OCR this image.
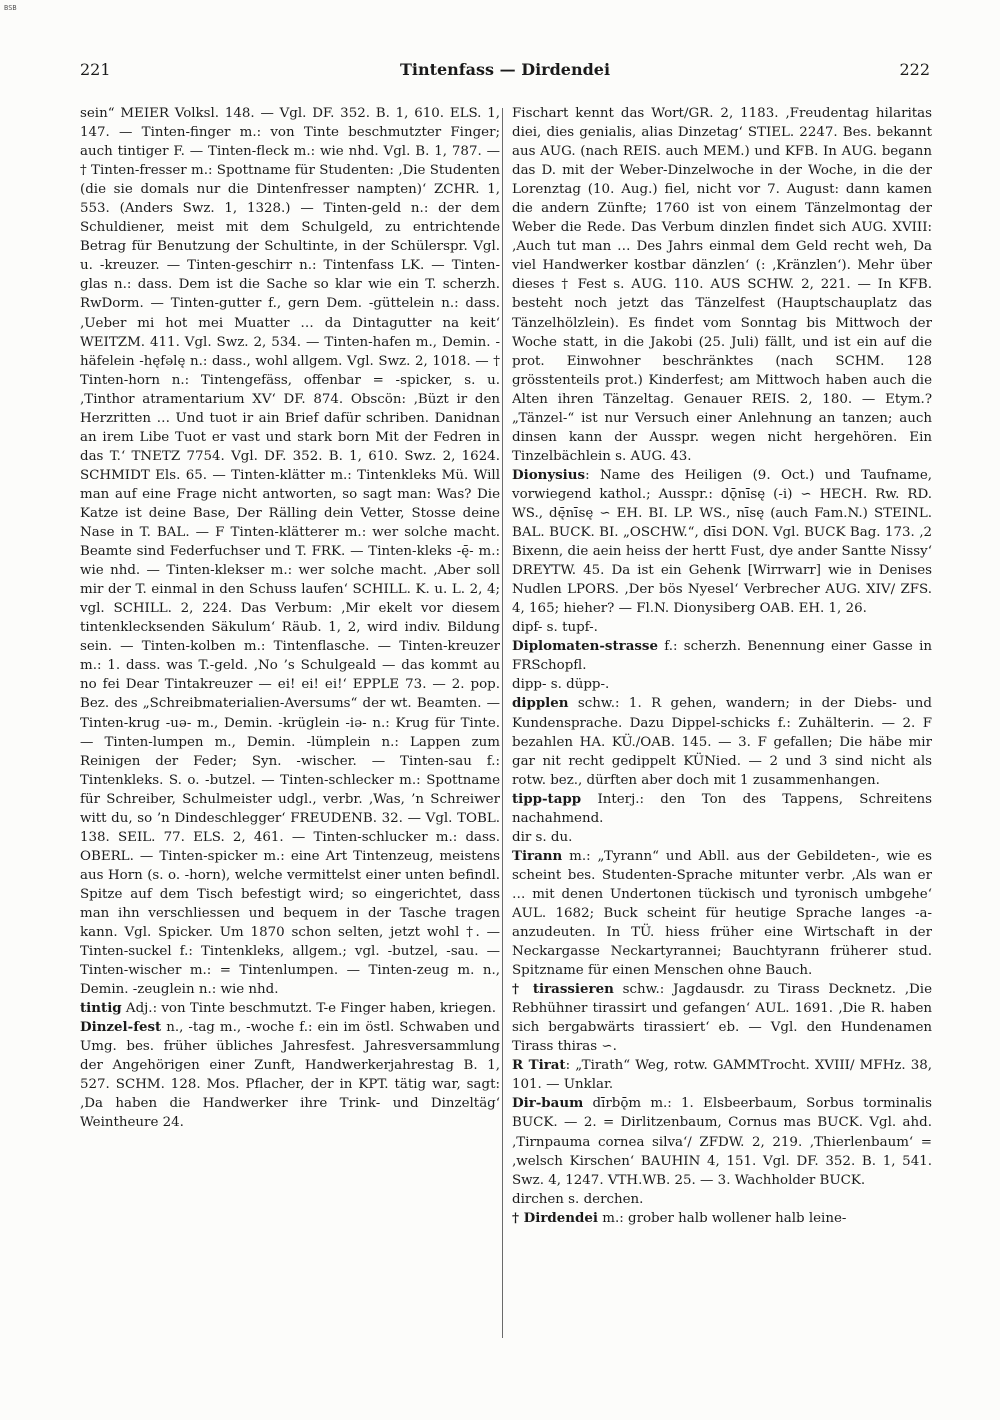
BSB
221	Tintenfass — Dirdendei	222

sein“ MEIER Volksl. 148. — Vgl. DF. 352. B. 1, 610. ELS. 1, 147. — Tinten-finger m.: von Tinte beschmutzter Finger; auch tintiger F. — Tinten-fleck m.: wie nhd. Vgl. B. 1, 787. — † Tinten-fresser m.: Spottname für Studenten: ‚Die Studenten (die sie domals nur die Dintenfresser nampten)‘ ZCHR. 1, 553. (Anders Swz. 1, 1328.) — Tinten-geld n.: der dem Schuldiener, meist mit dem Schulgeld, zu entrichtende Betrag für Benutzung der Schultinte, in der Schülerspr. Vgl. u. -kreuzer. — Tinten-geschirr n.: Tintenfass LK. — Tinten-glas n.: dass. Dem ist die Sache so klar wie ein T. scherzh. RwDorm. — Tinten-gutter f., gern Dem. -güttelein n.: dass. ‚Ueber mi hot mei Muatter … da Dintagutter na keit‘ WEITZM. 411. Vgl. Swz. 2, 534. — Tinten-hafen m., Demin. -häfelein -hęfəlę n.: dass., wohl allgem. Vgl. Swz. 2, 1018. — † Tinten-horn n.: Tintengefäss, offenbar = -spicker, s. u. ‚Tinthor atramentarium XV‘ DF. 874. Obscön: ‚Büzt ir den Herzritten … Und tuot ir ain Brief dafür schriben. Danidnan an irem Libe Tuot er vast und stark born Mit der Fedren in das T.‘ TNETZ 7754. Vgl. DF. 352. B. 1, 610. Swz. 2, 1624. SCHMIDT Els. 65. — Tinten-klätter m.: Tintenkleks Mü. Will man auf eine Frage nicht antworten, so sagt man: Was? Die Katze ist deine Base, Der Rälling dein Vetter, Stosse deine Nase in T. BAL. — F Tinten-klätterer m.: wer solche macht. Beamte sind Federfuchser und T. FRK. — Tinten-kleks -ę̄- m.: wie nhd. — Tinten-klekser m.: wer solche macht. ‚Aber soll mir der T. einmal in den Schuss laufen‘ SCHILL. K. u. L. 2, 4; vgl. SCHILL. 2, 224. Das Verbum: ‚Mir ekelt vor diesem tintenklecksenden Säkulum‘ Räub. 1, 2, wird indiv. Bildung sein. — Tinten-kolben m.: Tintenflasche. — Tinten-kreuzer m.: 1. dass. was T.-geld. ‚No ’s Schulgeald — das kommt au no fei Dear Tintakreuzer — ei! ei! ei!‘ EPPLE 73. — 2. pop. Bez. des „Schreibmaterialien-Aversums“ der wt. Beamten. — Tinten-krug -uə- m., Demin. -krüglein -iə- n.: Krug für Tinte. — Tinten-lumpen m., Demin. -lümplein n.: Lappen zum Reinigen der Feder; Syn. -wischer. — Tinten-sau f.: Tintenkleks. S. o. -butzel. — Tinten-schlecker m.: Spottname für Schreiber, Schulmeister udgl., verbr. ‚Was, ’n Schreiwer witt du, so ’n Dindeschlegger‘ FREUDENB. 32. — Vgl. TOBL. 138. SEIL. 77. ELS. 2, 461. — Tinten-schlucker m.: dass. OBERL. — Tinten-spicker m.: eine Art Tintenzeug, meistens aus Horn (s. o. -horn), welche vermittelst einer unten befindl. Spitze auf dem Tisch befestigt wird; so eingerichtet, dass man ihn verschliessen und bequem in der Tasche tragen kann. Vgl. Spicker. Um 1870 schon selten, jetzt wohl †. — Tinten-suckel f.: Tintenkleks, allgem.; vgl. -butzel, -sau. — Tinten-wischer m.: = Tintenlumpen. — Tinten-zeug m. n., Demin. -zeuglein n.: wie nhd.

tintig Adj.: von Tinte beschmutzt. T-e Finger haben, kriegen.

Dinzel-fest n., -tag m., -woche f.: ein im östl. Schwaben und Umg. bes. früher übliches Jahresfest. Jahresversammlung der Angehörigen einer Zunft, Handwerkerjahrestag B. 1, 527. SCHM. 128. Mos. Pflacher, der in KPT. tätig war, sagt: ‚Da haben die Handwerker ihre Trink- und Dinzeltäg‘ Weintheure 24.

Fischart kennt das Wort/GR. 2, 1183. ‚Freudentag hilaritas diei, dies genialis, alias Dinzetag‘ STIEL. 2247. Bes. bekannt aus AUG. (nach REIS. auch MEM.) und KFB. In AUG. begann das D. mit der Weber-Dinzelwoche in der Woche, in die der Lorenztag (10. Aug.) fiel, nicht vor 7. August: dann kamen die andern Zünfte; 1760 ist von einem Tänzelmontag der Weber die Rede. Das Verbum dinzlen findet sich AUG. XVIII: ‚Auch tut man … Des Jahrs einmal dem Geld recht weh, Da viel Handwerker kostbar dänzlen‘ (: ‚Kränzlen‘). Mehr über dieses † Fest s. AUG. 110. AUS SCHW. 2, 221. — In KFB. besteht noch jetzt das Tänzelfest (Hauptschauplatz das Tänzelhölzlein). Es findet vom Sonntag bis Mittwoch der Woche statt, in die Jakobi (25. Juli) fällt, und ist ein auf die prot. Einwohner beschränktes (nach SCHM. 128 grösstenteils prot.) Kinderfest; am Mittwoch haben auch die Alten ihren Tänzeltag. Genauer REIS. 2, 180. — Etym.? „Tänzel-“ ist nur Versuch einer Anlehnung an tanzen; auch dinsen kann der Ausspr. wegen nicht hergehören. Ein Tinzelbächlein s. AUG. 43.

Dionysius: Name des Heiligen (9. Oct.) und Taufname, vorwiegend kathol.; Ausspr.: dǭnīsę (-i) ∽ HECH. Rw. RD. WS., dę̄nīsę ∽ EH. BI. LP. WS., nīsę (auch Fam.N.) STEINL. BAL. BUCK. BI. „OSCHW.“, dīsi DON. Vgl. BUCK Bag. 173. ‚2 Bixenn, die aein heiss der hertt Fust, dye ander Santte Nissy‘ DREYTW. 45. Da ist ein Gehenk [Wirrwarr] wie in Denises Nudlen LPORS. ‚Der bös Nyesel‘ Verbrecher AUG. XIV/ ZFS. 4, 165; hieher? — Fl.N. Dionysiberg OAB. EH. 1, 26.

dipf- s. tupf-.

Diplomaten-strasse f.: scherzh. Benennung einer Gasse in FRSchopfl.

dipp- s. düpp-.

dipplen schw.: 1. R gehen, wandern; in der Diebs- und Kundensprache. Dazu Dippel-schicks f.: Zuhälterin. — 2. F bezahlen HA. KÜ./OAB. 145. — 3. F gefallen; Die häbe mir gar nit recht gedippelt KÜNied. — 2 und 3 sind nicht als rotw. bez., dürften aber doch mit 1 zusammenhangen.

tipp-tapp Interj.: den Ton des Tappens, Schreitens nachahmend.

dir s. du.

Tirann m.: „Tyrann“ und Abll. aus der Gebildeten-, wie es scheint bes. Studenten-Sprache mitunter verbr. ‚Als wan er … mit denen Undertonen tückisch und tyronisch umbgehe‘ AUL. 1682; Buck scheint für heutige Sprache langes -a- anzudeuten. In TÜ. hiess früher eine Wirtschaft in der Neckargasse Neckartyrannei; Bauchtyrann früherer stud. Spitzname für einen Menschen ohne Bauch.

† tirassieren schw.: Jagdausdr. zu Tirass Decknetz. ‚Die Rebhühner tirassirt und gefangen‘ AUL. 1691. ‚Die R. haben sich bergabwärts tirassiert‘ eb. — Vgl. den Hundenamen Tirass thiras ∽.

R Tirat: „Tirath“ Weg, rotw. GAMMTrocht. XVIII/ MFHz. 38, 101. — Unklar.

Dir-baum dīrbǭm m.: 1. Elsbeerbaum, Sorbus torminalis BUCK. — 2. = Dirlitzenbaum, Cornus mas BUCK. Vgl. ahd. ‚Tirnpauma cornea silva‘/ ZFDW. 2, 219. ‚Thierlenbaum‘ = ‚welsch Kirschen‘ BAUHIN 4, 151. Vgl. DF. 352. B. 1, 541. Swz. 4, 1247. VTH.WB. 25. — 3. Wachholder BUCK.

dirchen s. derchen.

† Dirdendei m.: grober halb wollener halb leine-
